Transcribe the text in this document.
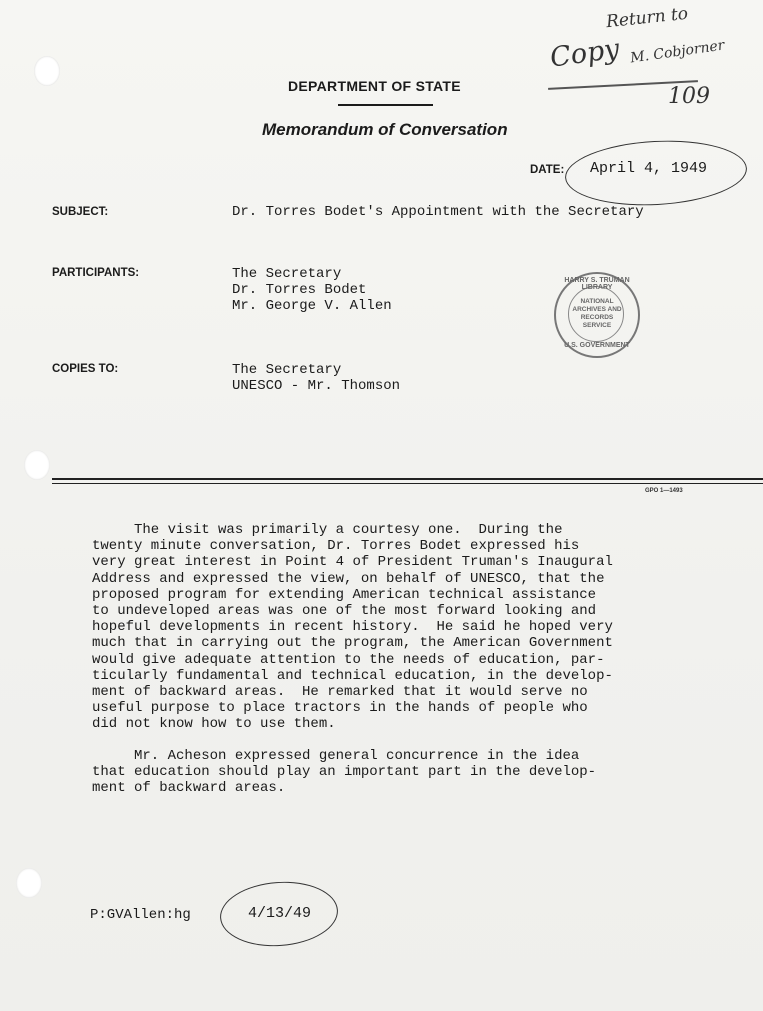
Return to
Copy M. Cobjorner
109
DEPARTMENT OF STATE
Memorandum of Conversation
DATE: April 4, 1949
SUBJECT:	Dr. Torres Bodet's Appointment with the Secretary
PARTICIPANTS:	The Secretary
Dr. Torres Bodet
Mr. George V. Allen
HARRY S. TRUMAN LIBRARY
NATIONAL
ARCHIVES AND
RECORDS
SERVICE
U.S. GOVERNMENT
COPIES TO:	The Secretary
UNESCO - Mr. Thomson
GPO 1—1493
The visit was primarily a courtesy one.  During the
twenty minute conversation, Dr. Torres Bodet expressed his
very great interest in Point 4 of President Truman's Inaugural
Address and expressed the view, on behalf of UNESCO, that the
proposed program for extending American technical assistance
to undeveloped areas was one of the most forward looking and
hopeful developments in recent history.  He said he hoped very
much that in carrying out the program, the American Government
would give adequate attention to the needs of education, par-
ticularly fundamental and technical education, in the develop-
ment of backward areas.  He remarked that it would serve no
useful purpose to place tractors in the hands of people who
did not know how to use them.
Mr. Acheson expressed general concurrence in the idea
that education should play an important part in the develop-
ment of backward areas.
P:GVAllen:hg	4/13/49
